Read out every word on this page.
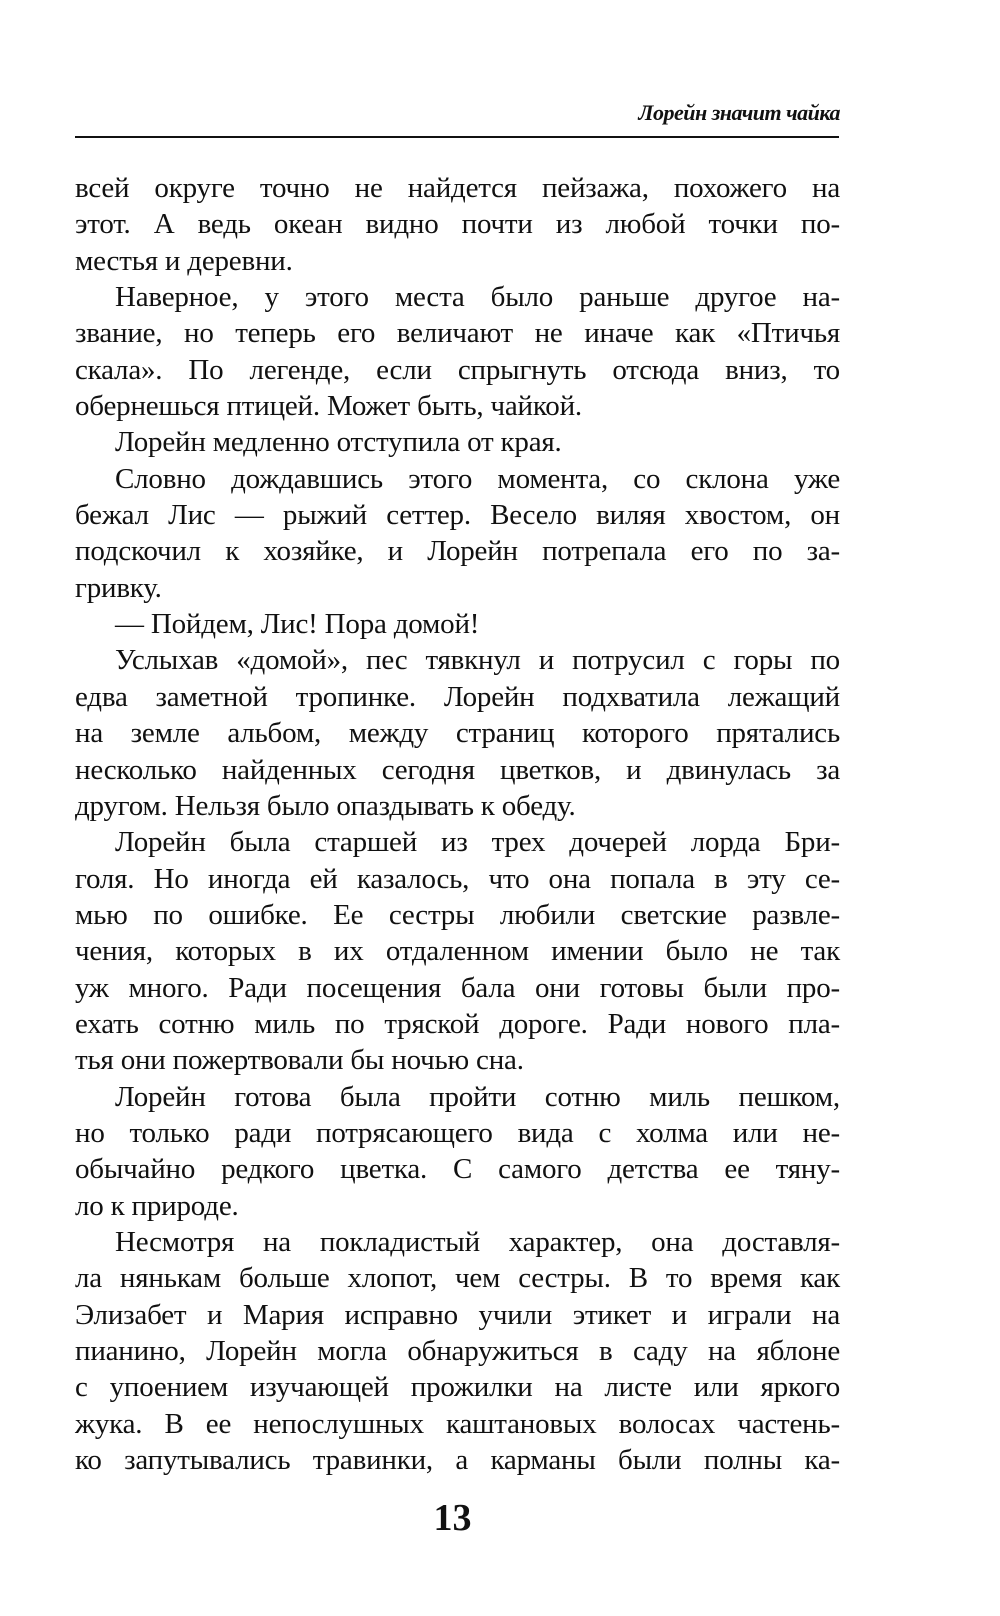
Лорейн значит чайка
всей округе точно не найдется пейзажа, похожего на
этот. А ведь океан видно почти из любой точки по-
местья и деревни.
Наверное, у этого места было раньше другое на-
звание, но теперь его величают не иначе как «Птичья
скала». По легенде, если спрыгнуть отсюда вниз, то
обернешься птицей. Может быть, чайкой.
Лорейн медленно отступила от края.
Словно дождавшись этого момента, со склона уже
бежал Лис — рыжий сеттер. Весело виляя хвостом, он
подскочил к хозяйке, и Лорейн потрепала его по за-
гривку.
— Пойдем, Лис! Пора домой!
Услыхав «домой», пес тявкнул и потрусил с горы по
едва заметной тропинке. Лорейн подхватила лежащий
на земле альбом, между страниц которого прятались
несколько найденных сегодня цветков, и двинулась за
другом. Нельзя было опаздывать к обеду.
Лорейн была старшей из трех дочерей лорда Бри-
голя. Но иногда ей казалось, что она попала в эту се-
мью по ошибке. Ее сестры любили светские развле-
чения, которых в их отдаленном имении было не так
уж много. Ради посещения бала они готовы были про-
ехать сотню миль по тряской дороге. Ради нового пла-
тья они пожертвовали бы ночью сна.
Лорейн готова была пройти сотню миль пешком,
но только ради потрясающего вида с холма или не-
обычайно редкого цветка. С самого детства ее тяну-
ло к природе.
Несмотря на покладистый характер, она доставля-
ла нянькам больше хлопот, чем сестры. В то время как
Элизабет и Мария исправно учили этикет и играли на
пианино, Лорейн могла обнаружиться в саду на яблоне
с упоением изучающей прожилки на листе или яркого
жука. В ее непослушных каштановых волосах частень-
ко запутывались травинки, а карманы были полны ка-
13
